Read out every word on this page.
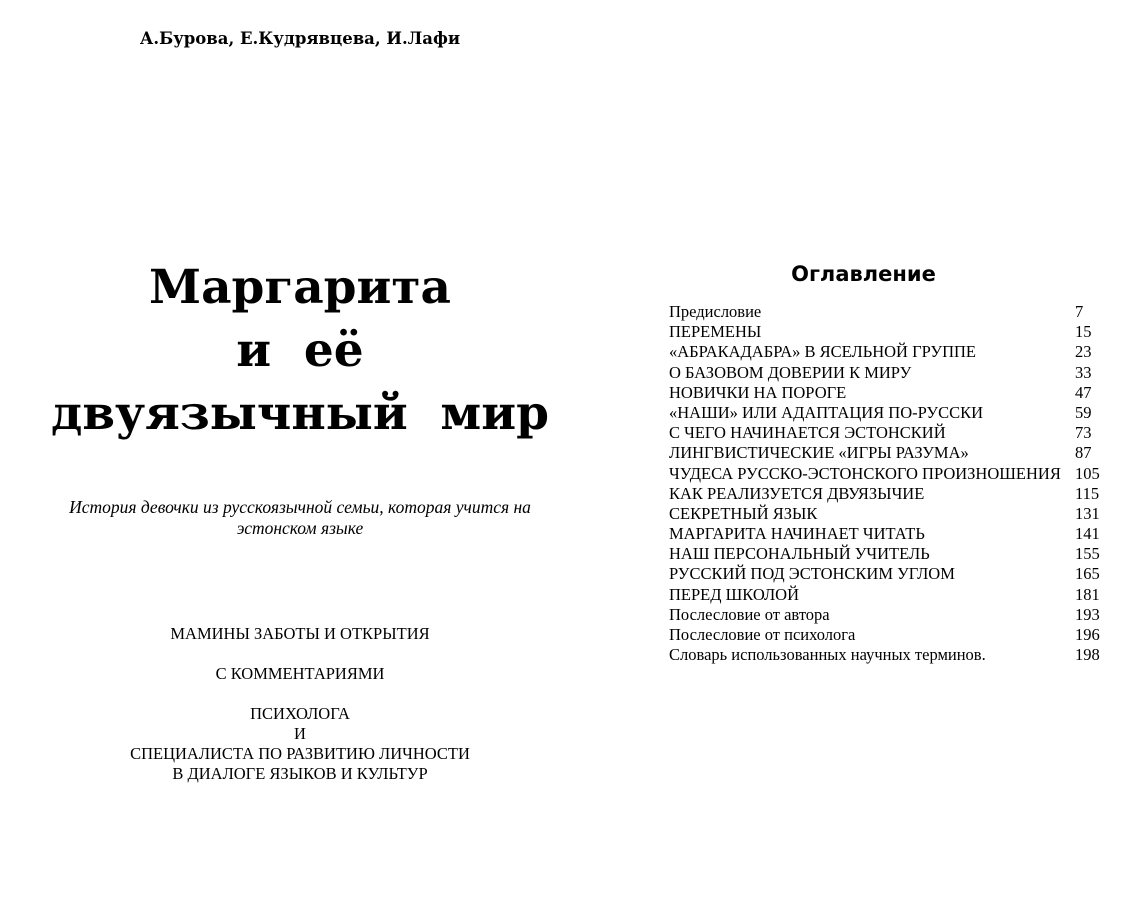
А.Бурова, Е.Кудрявцева, И.Лафи
Маргарита
и  её
двуязычный  мир
История девочки из русскоязычной семьи, которая учится на эстонском языке
МАМИНЫ ЗАБОТЫ И ОТКРЫТИЯ
С КОММЕНТАРИЯМИ
ПСИХОЛОГА
И
СПЕЦИАЛИСТА ПО РАЗВИТИЮ ЛИЧНОСТИ
В ДИАЛОГЕ ЯЗЫКОВ И КУЛЬТУР
Оглавление
Предисловие	7
ПЕРЕМЕНЫ	15
«АБРАКАДАБРА» В ЯСЕЛЬНОЙ ГРУППЕ	23
О БАЗОВОМ ДОВЕРИИ К МИРУ	33
НОВИЧКИ НА ПОРОГЕ	47
«НАШИ» ИЛИ АДАПТАЦИЯ ПО-РУССКИ	59
С ЧЕГО НАЧИНАЕТСЯ ЭСТОНСКИЙ	73
ЛИНГВИСТИЧЕСКИЕ «ИГРЫ РАЗУМА»	87
ЧУДЕСА РУССКО-ЭСТОНСКОГО ПРОИЗНОШЕНИЯ 105
КАК РЕАЛИЗУЕТСЯ ДВУЯЗЫЧИЕ	115
СЕКРЕТНЫЙ ЯЗЫК	131
МАРГАРИТА НАЧИНАЕТ ЧИТАТЬ	141
НАШ ПЕРСОНАЛЬНЫЙ УЧИТЕЛЬ	155
РУССКИЙ ПОД ЭСТОНСКИМ УГЛОМ	165
ПЕРЕД ШКОЛОЙ	181
Послесловие от автора	193
Послесловие от психолога	196
Словарь использованных научных терминов.	198
